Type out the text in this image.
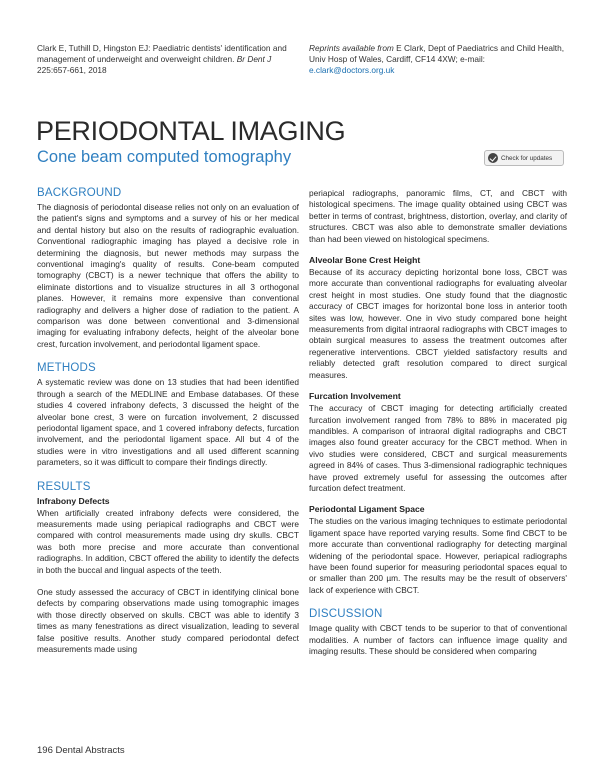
Clark E, Tuthill D, Hingston EJ: Paediatric dentists' identification and management of underweight and overweight children. Br Dent J 225:657-661, 2018
Reprints available from E Clark, Dept of Paediatrics and Child Health, Univ Hosp of Wales, Cardiff, CF14 4XW; e-mail: e.clark@doctors.org.uk
PERIODONTAL IMAGING
Cone beam computed tomography	Check for updates
BACKGROUND

The diagnosis of periodontal disease relies not only on an evaluation of the patient's signs and symptoms and a survey of his or her medical and dental history but also on the results of radiographic evaluation. Conventional radiographic imaging has played a decisive role in determining the diagnosis, but newer methods may surpass the conventional imaging's quality of results. Cone-beam computed tomography (CBCT) is a newer technique that offers the ability to eliminate distortions and to visualize structures in all 3 orthogonal planes. However, it remains more expensive than conventional radiography and delivers a higher dose of radiation to the patient. A comparison was done between conventional and 3-dimensional imaging for evaluating infrabony defects, height of the alveolar bone crest, furcation involvement, and periodontal ligament space.

METHODS

A systematic review was done on 13 studies that had been identified through a search of the MEDLINE and Embase databases. Of these studies 4 covered infrabony defects, 3 discussed the height of the alveolar bone crest, 3 were on furcation involvement, 2 discussed periodontal ligament space, and 1 covered infrabony defects, furcation involvement, and the periodontal ligament space. All but 4 of the studies were in vitro investigations and all used different scanning parameters, so it was difficult to compare their findings directly.

RESULTS
Infrabony Defects

When artificially created infrabony defects were considered, the measurements made using periapical radiographs and CBCT were compared with control measurements made using dry skulls. CBCT was both more precise and more accurate than conventional radiographs. In addition, CBCT offered the ability to identify the defects in both the buccal and lingual aspects of the teeth.

One study assessed the accuracy of CBCT in identifying clinical bone defects by comparing observations made using tomographic images with those directly observed on skulls. CBCT was able to identify 3 times as many fenestrations as direct visualization, leading to several false positive results. Another study compared periodontal defect measurements made using

periapical radiographs, panoramic films, CT, and CBCT with histological specimens. The image quality obtained using CBCT was better in terms of contrast, brightness, distortion, overlay, and clarity of structures. CBCT was also able to demonstrate smaller deviations than had been viewed on histological specimens.

Alveolar Bone Crest Height

Because of its accuracy depicting horizontal bone loss, CBCT was more accurate than conventional radiographs for evaluating alveolar crest height in most studies. One study found that the diagnostic accuracy of CBCT images for horizontal bone loss in anterior tooth sites was low, however. One in vivo study compared bone height measurements from digital intraoral radiographs with CBCT images to obtain surgical measures to assess the treatment outcomes after regenerative interventions. CBCT yielded satisfactory results and reliably detected graft resolution compared to direct surgical measures.

Furcation Involvement

The accuracy of CBCT imaging for detecting artificially created furcation involvement ranged from 78% to 88% in macerated pig mandibles. A comparison of intraoral digital radiographs and CBCT images also found greater accuracy for the CBCT method. When in vivo studies were considered, CBCT and surgical measurements agreed in 84% of cases. Thus 3-dimensional radiographic techniques have proved extremely useful for assessing the outcomes after furcation defect treatment.

Periodontal Ligament Space

The studies on the various imaging techniques to estimate periodontal ligament space have reported varying results. Some find CBCT to be more accurate than conventional radiography for detecting marginal widening of the periodontal space. However, periapical radiographs have been found superior for measuring periodontal spaces equal to or smaller than 200 µm. The results may be the result of observers' lack of experience with CBCT.

DISCUSSION

Image quality with CBCT tends to be superior to that of conventional modalities. A number of factors can influence image quality and imaging results. These should be considered when comparing

196 Dental Abstracts
